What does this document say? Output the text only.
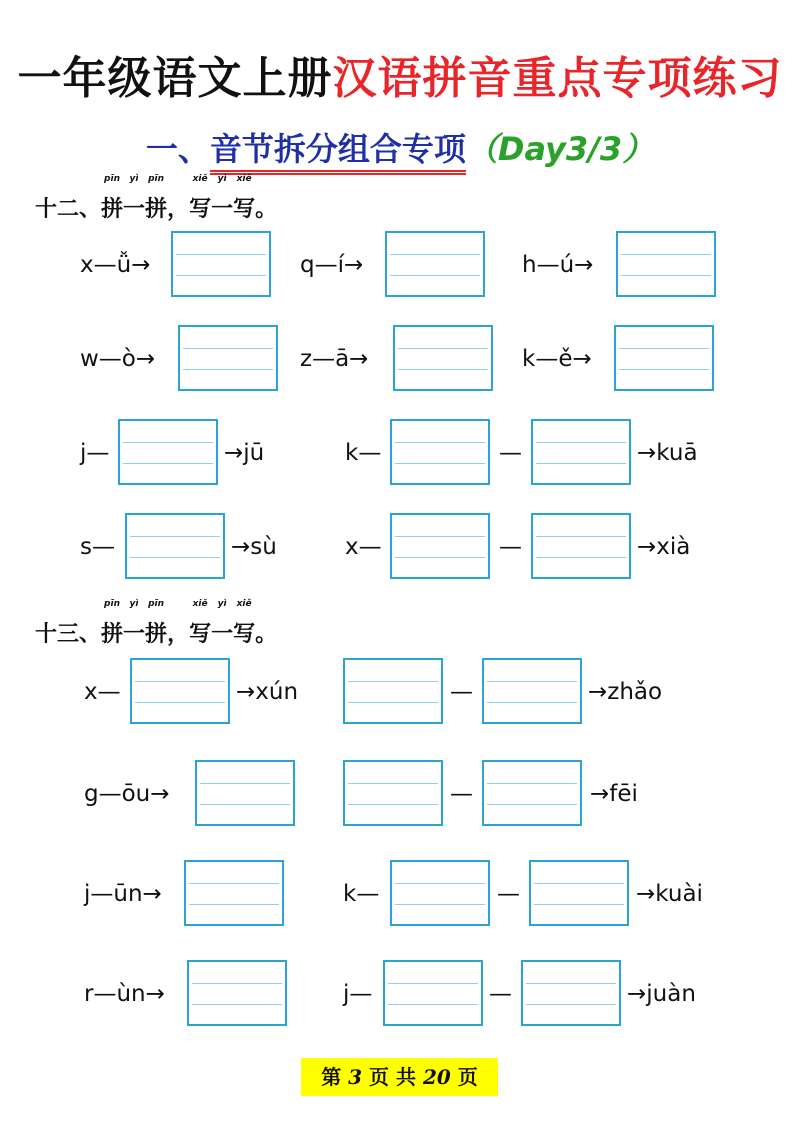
一年级语文上册汉语拼音重点专项练习
一、音节拆分组合专项（Day3/3）
十二、
pīn
拼
yì
一
pīn
拼，
xiě
写
yì
一
xiě
写。
x—ǚ→	q—í→	h—ú→
w—ò→	z—ā→	k—ě→
j—	→jū	k—	—	→kuā
s—	→sù	x—	—	→xià
十三、
pīn
拼
yì
一
pīn
拼，
xiě
写
yì
一
xiě
写。
x—	→xún	—	→zhǎo
g—ōu→	—	→fēi
j—ūn→	k—	—	→kuài
r—ùn→	j—	—	→juàn
第 3 页 共 20 页
